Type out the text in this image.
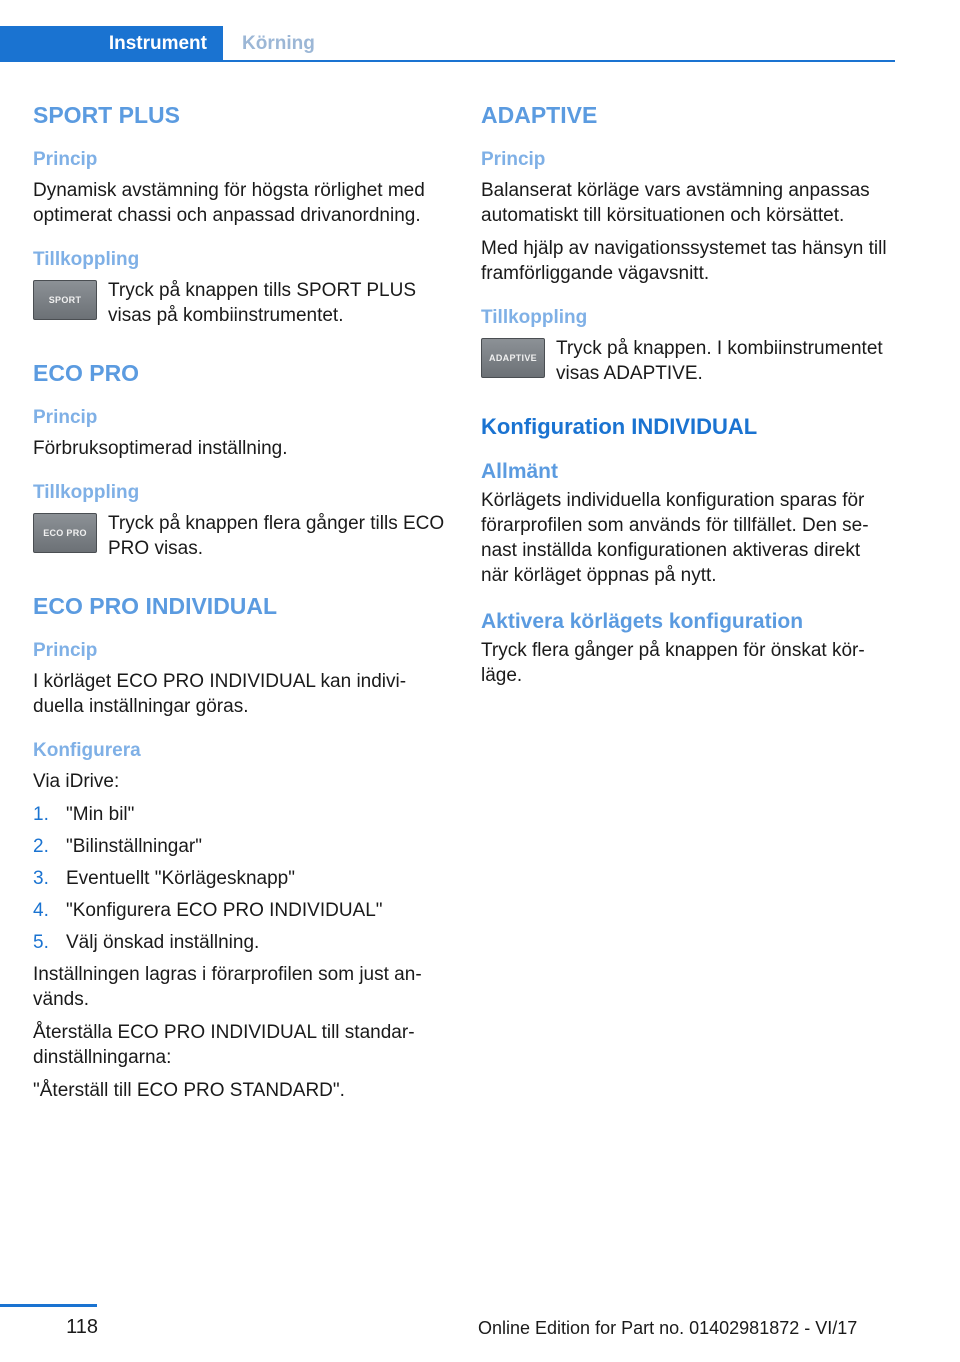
Instrument	Körning
SPORT PLUS
Princip
Dynamisk avstämning för högsta rörlighet med optimerat chassi och anpassad drivanordning.
Tillkoppling
SPORT	Tryck på knappen tills SPORT PLUS visas på kombiinstrumentet.
ECO PRO
Princip
Förbruksoptimerad inställning.
Tillkoppling
ECO PRO	Tryck på knappen flera gånger tills ECO PRO visas.
ECO PRO INDIVIDUAL
Princip
I körläget ECO PRO INDIVIDUAL kan individuella inställningar göras.
Konfigurera
Via iDrive:
1. "Min bil"
2. "Bilinställningar"
3. Eventuellt "Körlägesknapp"
4. "Konfigurera ECO PRO INDIVIDUAL"
5. Välj önskad inställning.
Inställningen lagras i förarprofilen som just används.
Återställa ECO PRO INDIVIDUAL till standardinställningarna:
"Återställ till ECO PRO STANDARD".
ADAPTIVE
Princip
Balanserat körläge vars avstämning anpassas automatiskt till körsituationen och körsättet.
Med hjälp av navigationssystemet tas hänsyn till framförliggande vägavsnitt.
Tillkoppling
ADAPTIVE	Tryck på knappen. I kombiinstrumentet visas ADAPTIVE.
Konfiguration INDIVIDUAL
Allmänt
Körlägets individuella konfiguration sparas för förarprofilen som används för tillfället. Den senast inställda konfigurationen aktiveras direkt när körläget öppnas på nytt.
Aktivera körlägets konfiguration
Tryck flera gånger på knappen för önskat körläge.
118	Online Edition for Part no. 01402981872 - VI/17
